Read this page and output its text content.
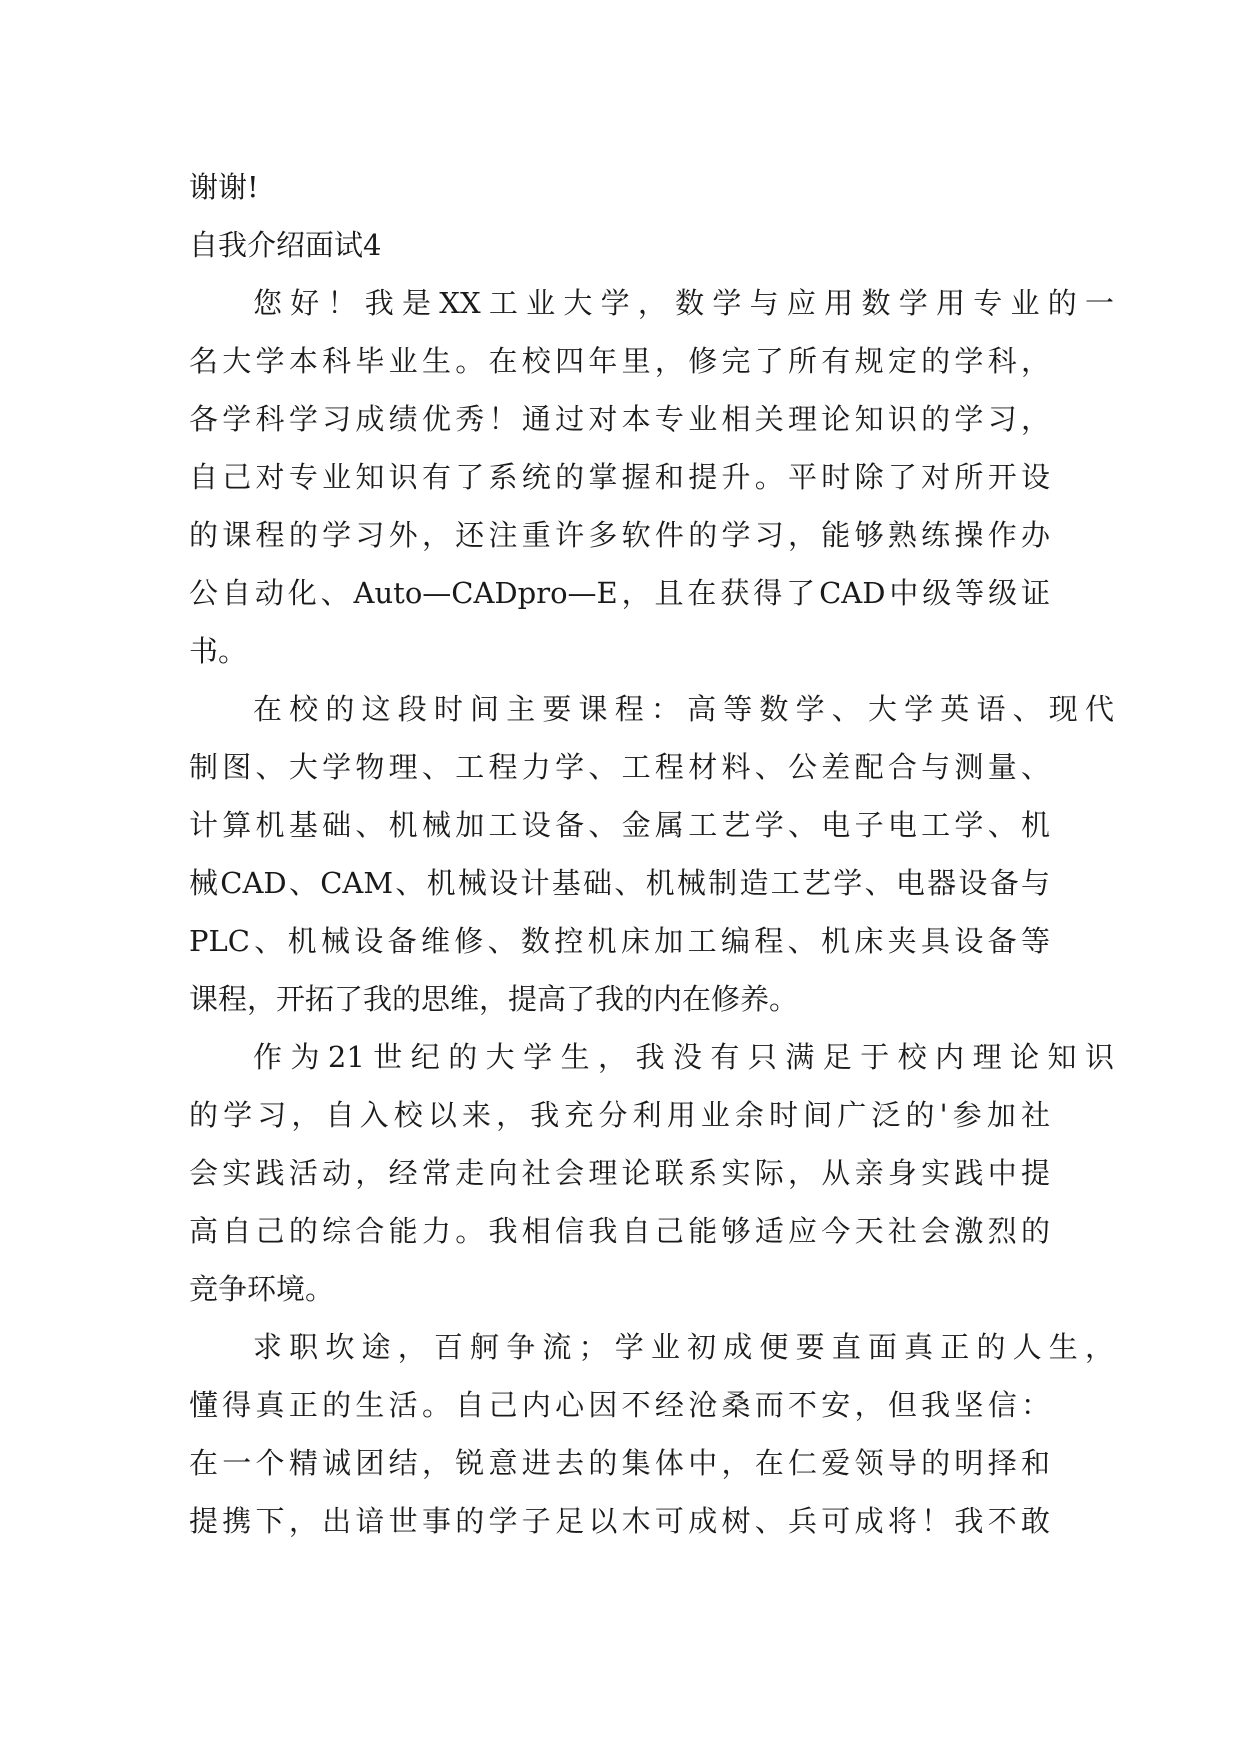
谢谢!
自我介绍面试4
您好！我是XX工业大学，数学与应用数学用专业的一
名大学本科毕业生。在校四年里，修完了所有规定的学科，
各学科学习成绩优秀！通过对本专业相关理论知识的学习，
自己对专业知识有了系统的掌握和提升。平时除了对所开设
的课程的学习外，还注重许多软件的学习，能够熟练操作办
公自动化、Auto—CADpro—E，且在获得了CAD中级等级证
书。
在校的这段时间主要课程：高等数学、大学英语、现代
制图、大学物理、工程力学、工程材料、公差配合与测量、
计算机基础、机械加工设备、金属工艺学、电子电工学、机
械CAD、CAM、机械设计基础、机械制造工艺学、电器设备与
PLC、机械设备维修、数控机床加工编程、机床夹具设备等
课程，开拓了我的思维，提高了我的内在修养。
作为21世纪的大学生，我没有只满足于校内理论知识
的学习，自入校以来，我充分利用业余时间广泛的'参加社
会实践活动，经常走向社会理论联系实际，从亲身实践中提
高自己的综合能力。我相信我自己能够适应今天社会激烈的
竞争环境。
求职坎途，百舸争流；学业初成便要直面真正的人生，
懂得真正的生活。自己内心因不经沧桑而不安，但我坚信：
在一个精诚团结，锐意进去的集体中，在仁爱领导的明择和
提携下，出谙世事的学子足以木可成树、兵可成将！我不敢
